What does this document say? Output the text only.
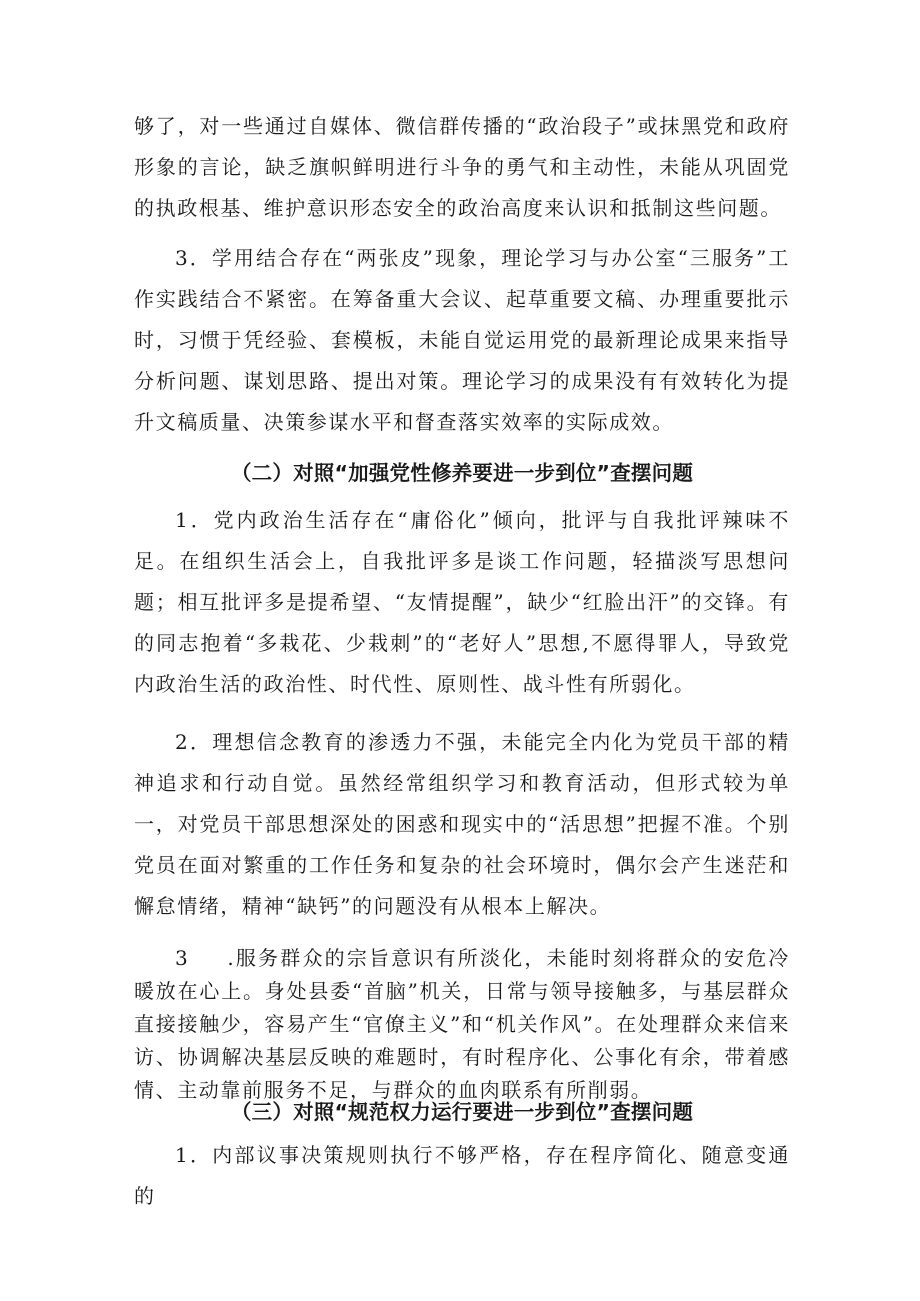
够了，对一些通过自媒体、微信群传播的“政治段子”或抹黑党和政府形象的言论，缺乏旗帜鲜明进行斗争的勇气和主动性，未能从巩固党的执政根基、维护意识形态安全的政治高度来认识和抵制这些问题。

3．学用结合存在“两张皮”现象，理论学习与办公室“三服务”工作实践结合不紧密。在筹备重大会议、起草重要文稿、办理重要批示时，习惯于凭经验、套模板，未能自觉运用党的最新理论成果来指导分析问题、谋划思路、提出对策。理论学习的成果没有有效转化为提升文稿质量、决策参谋水平和督查落实效率的实际成效。

（二）对照“加强党性修养要进一步到位”查摆问题

1．党内政治生活存在“庸俗化”倾向，批评与自我批评辣味不足。在组织生活会上，自我批评多是谈工作问题，轻描淡写思想问题；相互批评多是提希望、“友情提醒”，缺少“红脸出汗”的交锋。有的同志抱着“多栽花、少栽刺”的“老好人”思想,不愿得罪人，导致党内政治生活的政治性、时代性、原则性、战斗性有所弱化。

2．理想信念教育的渗透力不强，未能完全内化为党员干部的精神追求和行动自觉。虽然经常组织学习和教育活动，但形式较为单一，对党员干部思想深处的困惑和现实中的“活思想”把握不准。个别党员在面对繁重的工作任务和复杂的社会环境时，偶尔会产生迷茫和懈怠情绪，精神“缺钙”的问题没有从根本上解决。

3 .服务群众的宗旨意识有所淡化，未能时刻将群众的安危冷暖放在心上。身处县委“首脑”机关，日常与领导接触多，与基层群众直接接触少，容易产生“官僚主义”和“机关作风”。在处理群众来信来访、协调解决基层反映的难题时，有时程序化、公事化有余，带着感情、主动靠前服务不足，与群众的血肉联系有所削弱。

（三）对照“规范权力运行要进一步到位”查摆问题

1．内部议事决策规则执行不够严格，存在程序简化、随意变通的
